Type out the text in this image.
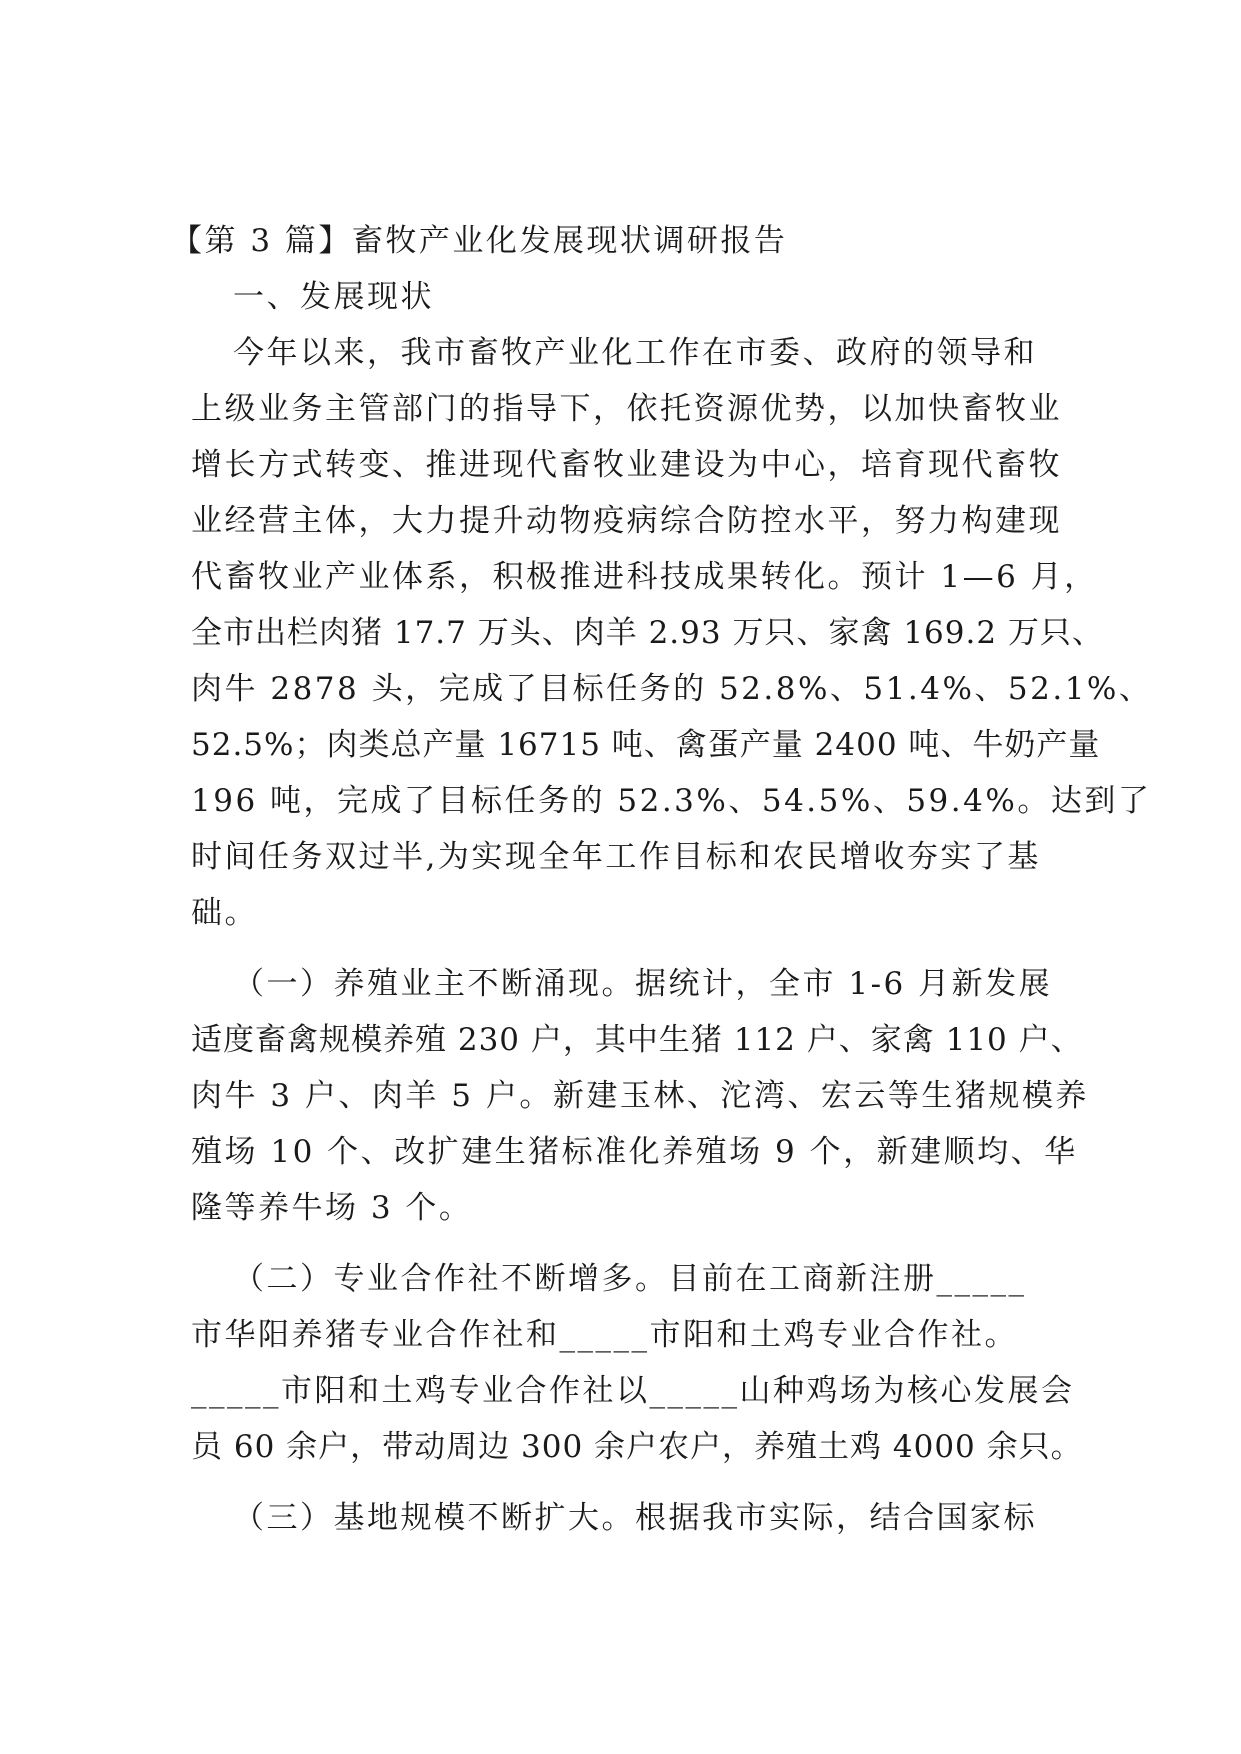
【第 3 篇】畜牧产业化发展现状调研报告
一、发展现状
今年以来，我市畜牧产业化工作在市委、政府的领导和
上级业务主管部门的指导下，依托资源优势，以加快畜牧业
增长方式转变、推进现代畜牧业建设为中心，培育现代畜牧
业经营主体，大力提升动物疫病综合防控水平，努力构建现
代畜牧业产业体系，积极推进科技成果转化。预计 1—6 月，
全市出栏肉猪 17.7 万头、肉羊 2.93 万只、家禽 169.2 万只、
肉牛 2878 头，完成了目标任务的 52.8%、51.4%、52.1%、
52.5%；肉类总产量 16715 吨、禽蛋产量 2400 吨、牛奶产量
196 吨，完成了目标任务的 52.3%、54.5%、59.4%。达到了
时间任务双过半,为实现全年工作目标和农民增收夯实了基
础。
（一）养殖业主不断涌现。据统计，全市 1-6 月新发展
适度畜禽规模养殖 230 户，其中生猪 112 户、家禽 110 户、
肉牛 3 户、肉羊 5 户。新建玉林、沱湾、宏云等生猪规模养
殖场 10 个、改扩建生猪标准化养殖场 9 个，新建顺均、华
隆等养牛场 3 个。
（二）专业合作社不断增多。目前在工商新注册_____
市华阳养猪专业合作社和_____市阳和土鸡专业合作社。
_____市阳和土鸡专业合作社以_____山种鸡场为核心发展会
员 60 余户，带动周边 300 余户农户，养殖土鸡 4000 余只。
（三）基地规模不断扩大。根据我市实际，结合国家标
